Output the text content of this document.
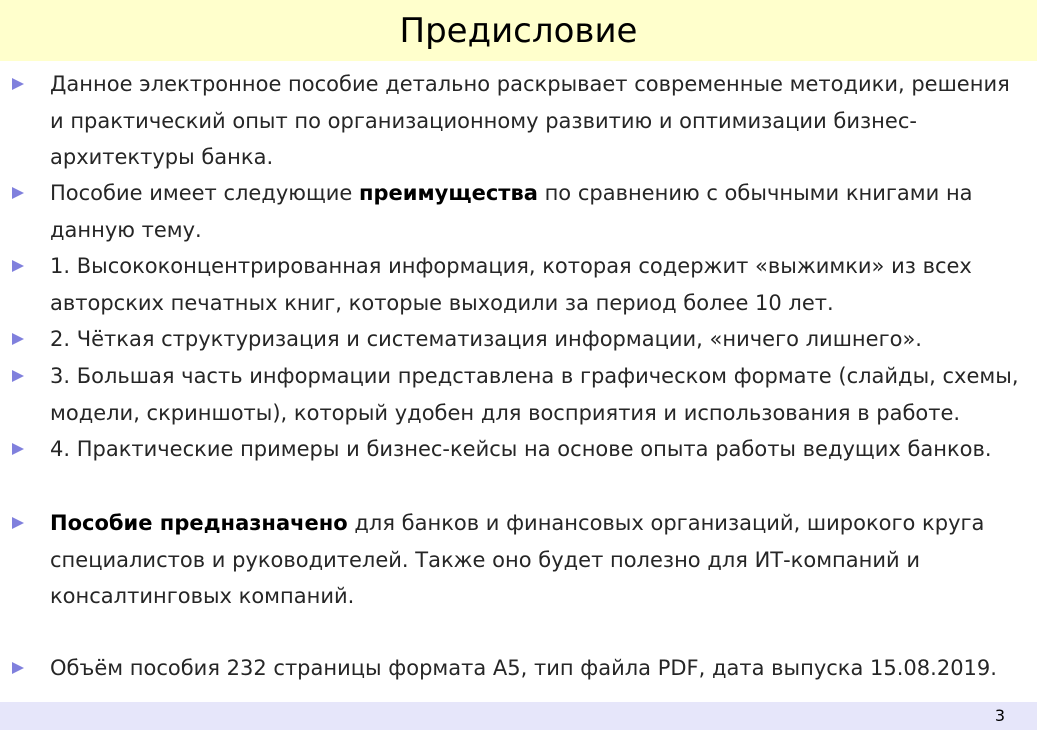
Предисловие
Данное электронное пособие детально раскрывает современные методики, решения и практический опыт по организационному развитию и оптимизации бизнес-архитектуры банка.
Пособие имеет следующие преимущества по сравнению с обычными книгами на данную тему.
1. Высококонцентрированная информация, которая содержит «выжимки» из всех авторских печатных книг, которые выходили за период более 10 лет.
2. Чёткая структуризация и систематизация информации, «ничего лишнего».
3. Большая часть информации представлена в графическом формате (слайды, схемы, модели, скриншоты), который удобен для восприятия и использования в работе.
4. Практические примеры и бизнес-кейсы на основе опыта работы ведущих банков.
Пособие предназначено для банков и финансовых организаций, широкого круга специалистов и руководителей. Также оно будет полезно для ИТ-компаний и консалтинговых компаний.
Объём пособия 232 страницы формата А5, тип файла PDF, дата выпуска 15.08.2019.
3
